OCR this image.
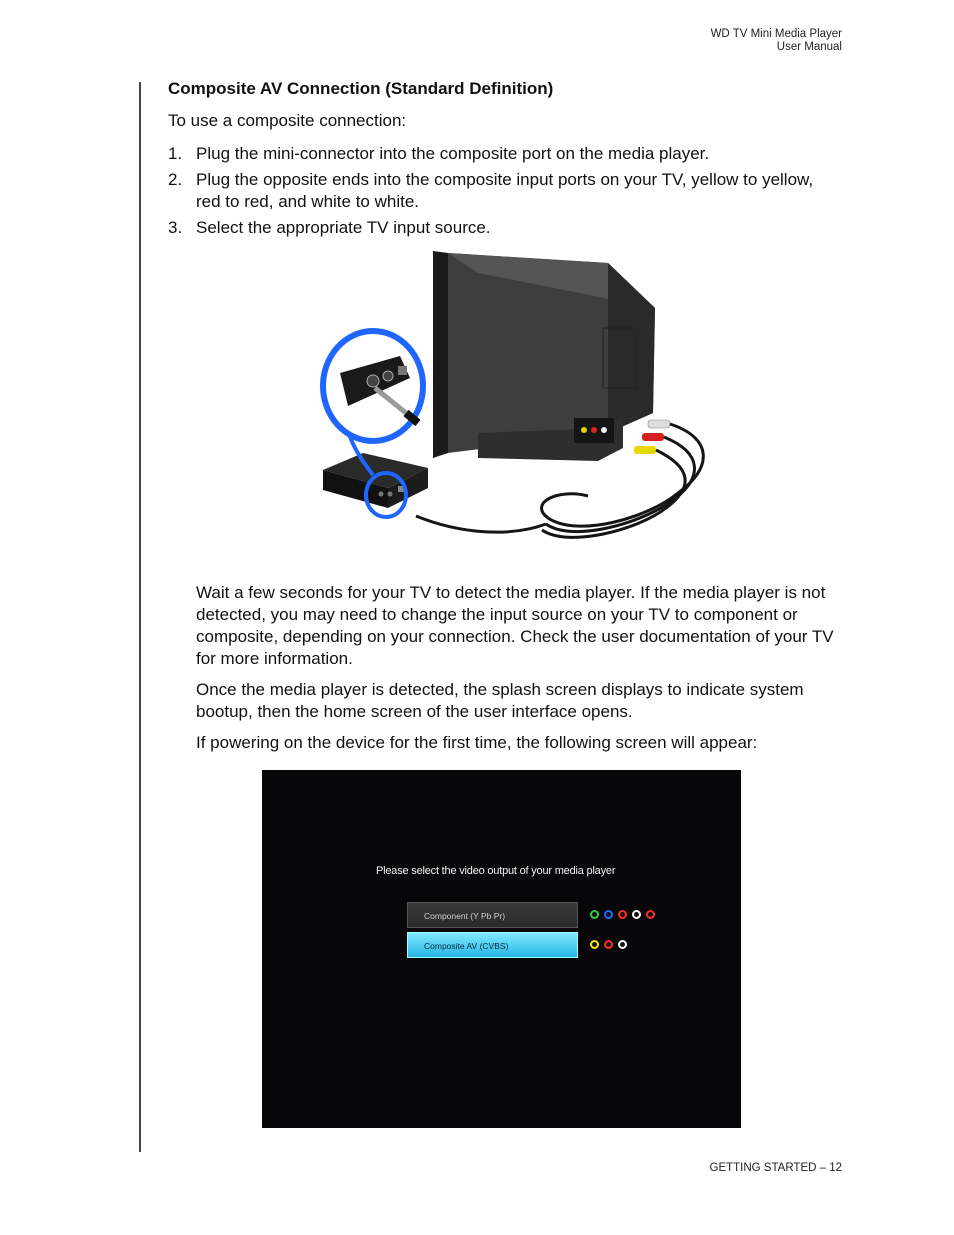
WD TV Mini Media Player
User Manual
Composite AV Connection (Standard Definition)

To use a composite connection:

1. Plug the mini-connector into the composite port on the media player.
2. Plug the opposite ends into the composite input ports on your TV, yellow to yellow, red to red, and white to white.
3. Select the appropriate TV input source.

Wait a few seconds for your TV to detect the media player. If the media player is not detected, you may need to change the input source on your TV to component or composite, depending on your connection. Check the user documentation of your TV for more information.

Once the media player is detected, the splash screen displays to indicate system bootup, then the home screen of the user interface opens.

If powering on the device for the first time, the following screen will appear:

Please select the video output of your media player
Component (Y Pb Pr)
Composite AV (CVBS)
GETTING STARTED – 12
